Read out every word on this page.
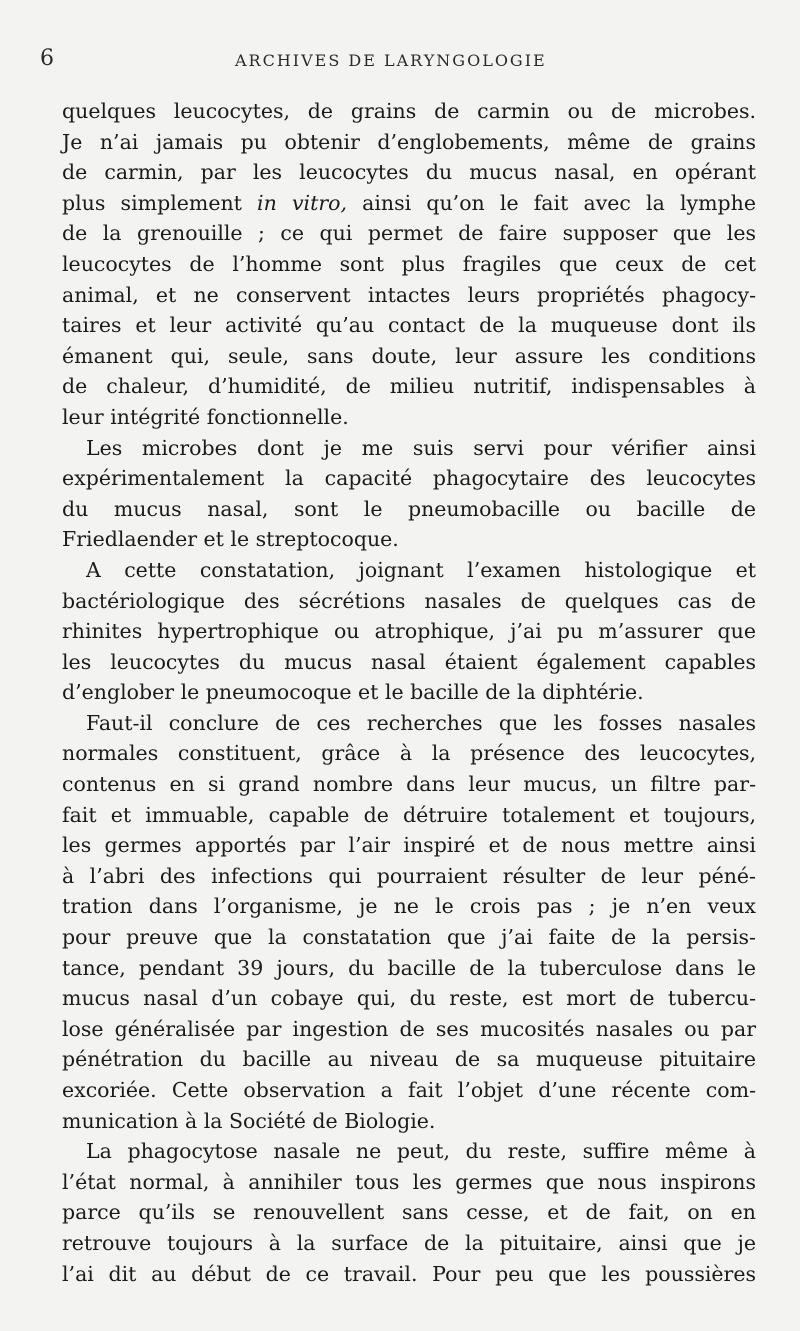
6	ARCHIVES DE LARYNGOLOGIE
quelques leucocytes, de grains de carmin ou de microbes.
Je n’ai jamais pu obtenir d’englobements, même de grains
de carmin, par les leucocytes du mucus nasal, en opérant
plus simplement in vitro, ainsi qu’on le fait avec la lymphe
de la grenouille ; ce qui permet de faire supposer que les
leucocytes de l’homme sont plus fragiles que ceux de cet
animal, et ne conservent intactes leurs propriétés phagocy-
taires et leur activité qu’au contact de la muqueuse dont ils
émanent qui, seule, sans doute, leur assure les conditions
de chaleur, d’humidité, de milieu nutritif, indispensables à
leur intégrité fonctionnelle.
Les microbes dont je me suis servi pour vérifier ainsi
expérimentalement la capacité phagocytaire des leucocytes
du mucus nasal, sont le pneumobacille ou bacille de
Friedlaender et le streptocoque.
A cette constatation, joignant l’examen histologique et
bactériologique des sécrétions nasales de quelques cas de
rhinites hypertrophique ou atrophique, j’ai pu m’assurer que
les leucocytes du mucus nasal étaient également capables
d’englober le pneumocoque et le bacille de la diphtérie.
Faut-il conclure de ces recherches que les fosses nasales
normales constituent, grâce à la présence des leucocytes,
contenus en si grand nombre dans leur mucus, un filtre par-
fait et immuable, capable de détruire totalement et toujours,
les germes apportés par l’air inspiré et de nous mettre ainsi
à l’abri des infections qui pourraient résulter de leur péné-
tration dans l’organisme, je ne le crois pas ; je n’en veux
pour preuve que la constatation que j’ai faite de la persis-
tance, pendant 39 jours, du bacille de la tuberculose dans le
mucus nasal d’un cobaye qui, du reste, est mort de tubercu-
lose généralisée par ingestion de ses mucosités nasales ou par
pénétration du bacille au niveau de sa muqueuse pituitaire
excoriée. Cette observation a fait l’objet d’une récente com-
munication à la Société de Biologie.
La phagocytose nasale ne peut, du reste, suffire même à
l’état normal, à annihiler tous les germes que nous inspirons
parce qu’ils se renouvellent sans cesse, et de fait, on en
retrouve toujours à la surface de la pituitaire, ainsi que je
l’ai dit au début de ce travail. Pour peu que les poussières
